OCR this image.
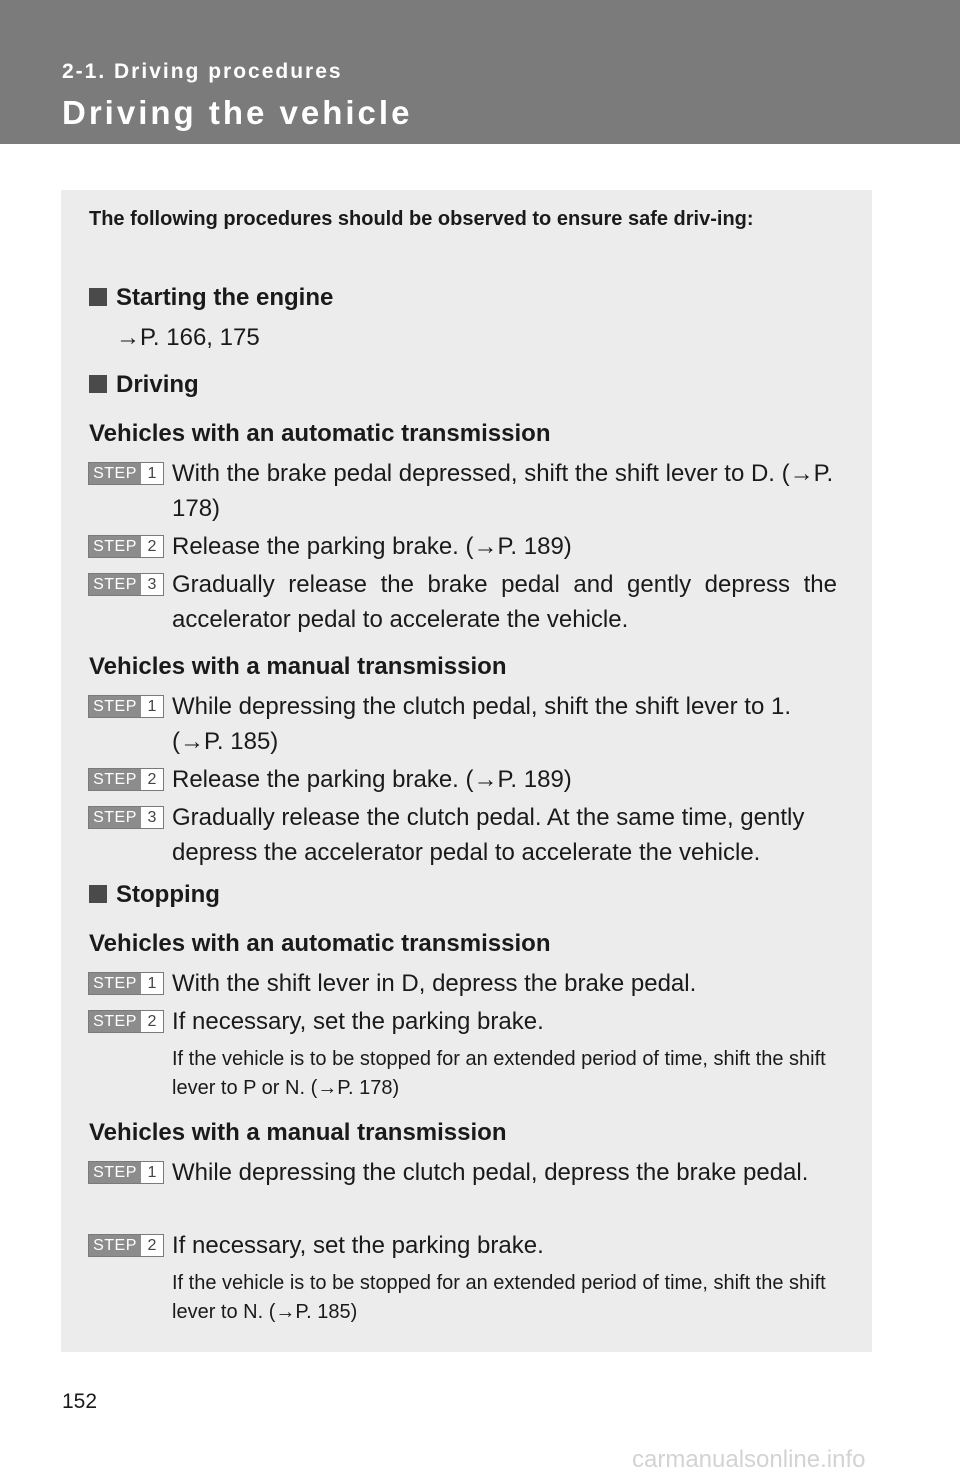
2-1. Driving procedures
Driving the vehicle
The following procedures should be observed to ensure safe driv-ing:
Starting the engine
→P. 166, 175
Driving
Vehicles with an automatic transmission
STEP 1 With the brake pedal depressed, shift the shift lever to D. (→P. 178)
STEP 2 Release the parking brake. (→P. 189)
STEP 3 Gradually release the brake pedal and gently depress the accelerator pedal to accelerate the vehicle.
Vehicles with a manual transmission
STEP 1 While depressing the clutch pedal, shift the shift lever to 1. (→P. 185)
STEP 2 Release the parking brake. (→P. 189)
STEP 3 Gradually release the clutch pedal. At the same time, gently depress the accelerator pedal to accelerate the vehicle.
Stopping
Vehicles with an automatic transmission
STEP 1 With the shift lever in D, depress the brake pedal.
STEP 2 If necessary, set the parking brake.
If the vehicle is to be stopped for an extended period of time, shift the shift lever to P or N. (→P. 178)
Vehicles with a manual transmission
STEP 1 While depressing the clutch pedal, depress the brake pedal.
STEP 2 If necessary, set the parking brake.
If the vehicle is to be stopped for an extended period of time, shift the shift lever to N. (→P. 185)
152
carmanualsonline.info
